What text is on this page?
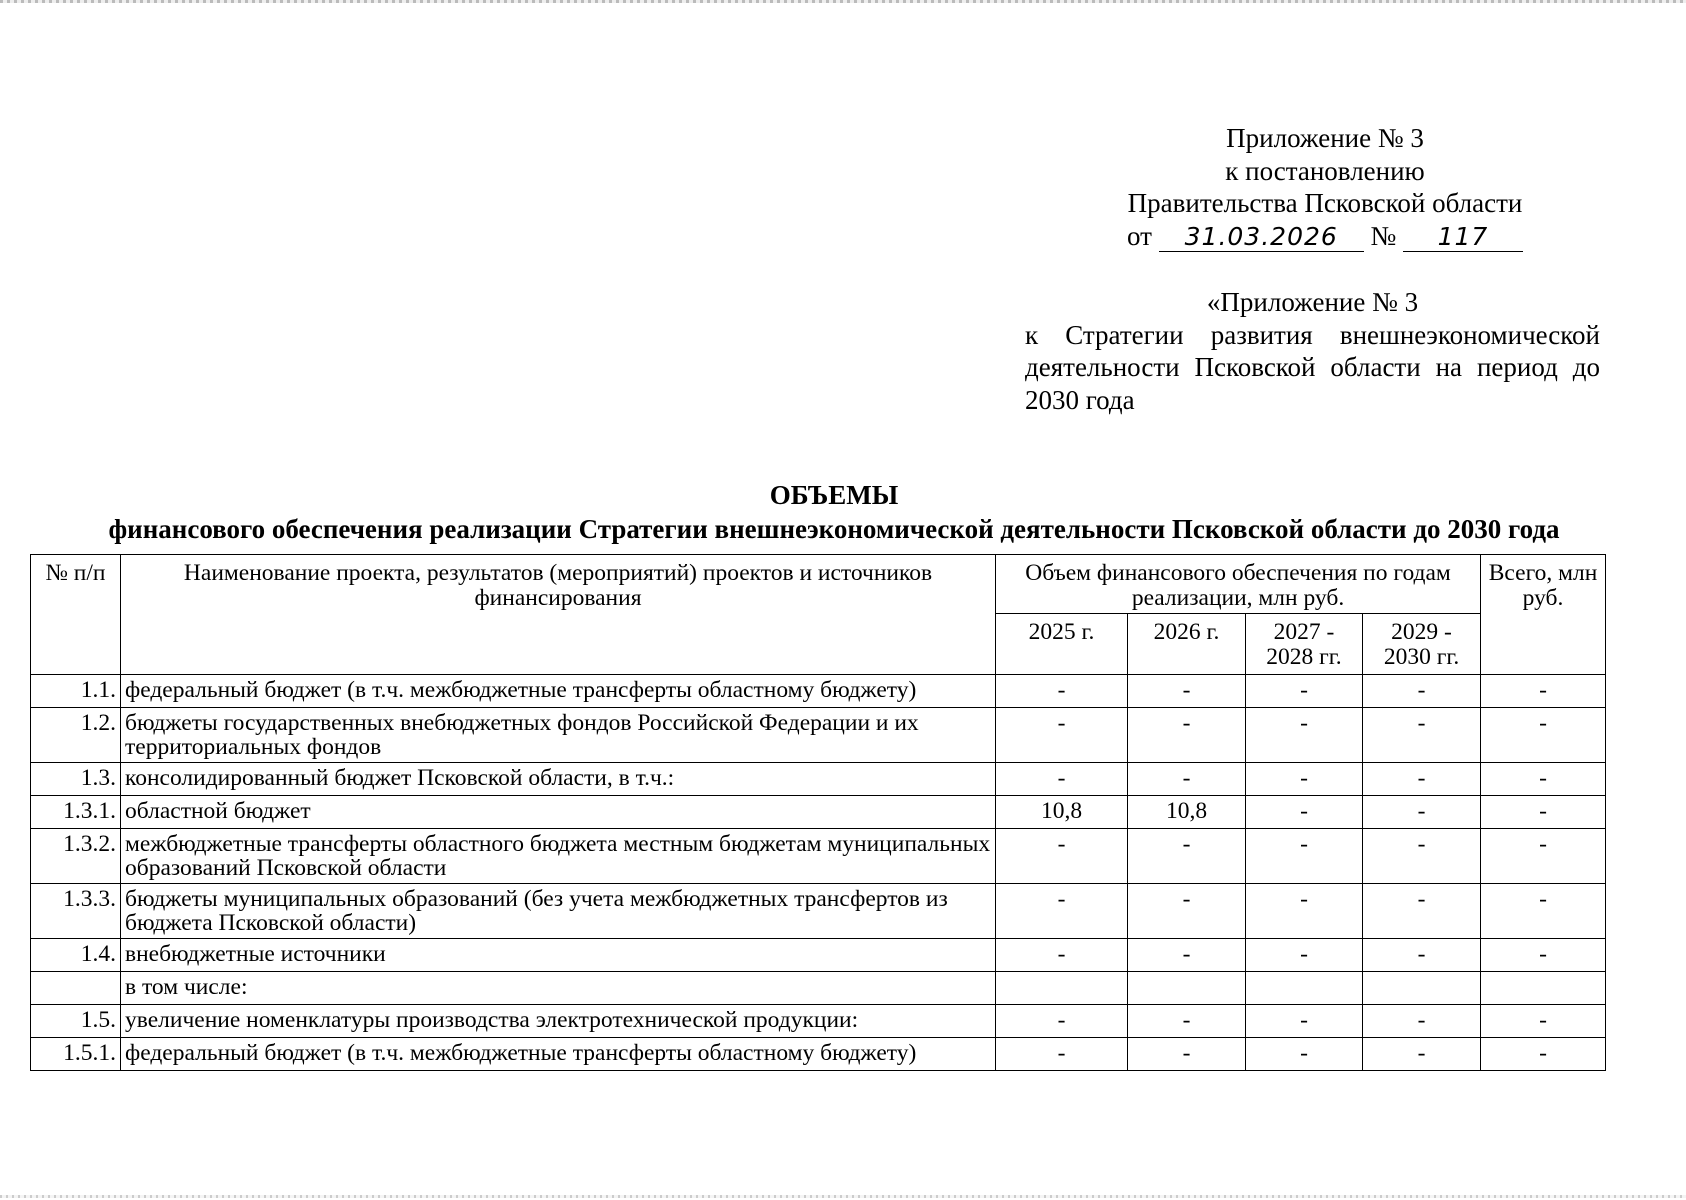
Приложение № 3
к постановлению
Правительства Псковской области
от 31.03.2026 № 117
«Приложение № 3
к Стратегии развития внешнеэкономической деятельности Псковской области на период до 2030 года
ОБЪЕМЫ
финансового обеспечения реализации Стратегии внешнеэкономической деятельности Псковской области до 2030 года
№ п/п	Наименование проекта, результатов (мероприятий) проектов и источников финансирования	Объем финансового обеспечения по годам реализации, млн руб.				Всего, млн руб.
		2025 г.	2026 г.	2027 - 2028 гг.	2029 - 2030 гг.	
1.1.	федеральный бюджет (в т.ч. межбюджетные трансферты областному бюджету)	-	-	-	-	-
1.2.	бюджеты государственных внебюджетных фондов Российской Федерации и их территориальных фондов	-	-	-	-	-
1.3.	консолидированный бюджет Псковской области, в т.ч.:	-	-	-	-	-
1.3.1.	областной бюджет	10,8	10,8	-	-	-
1.3.2.	межбюджетные трансферты областного бюджета местным бюджетам муниципальных образований Псковской области	-	-	-	-	-
1.3.3.	бюджеты муниципальных образований (без учета межбюджетных трансфертов из бюджета Псковской области)	-	-	-	-	-
1.4.	внебюджетные источники	-	-	-	-	-
	в том числе:					
1.5.	увеличение номенклатуры производства электротехнической продукции:	-	-	-	-	-
1.5.1.	федеральный бюджет (в т.ч. межбюджетные трансферты областному бюджету)	-	-	-	-	-
